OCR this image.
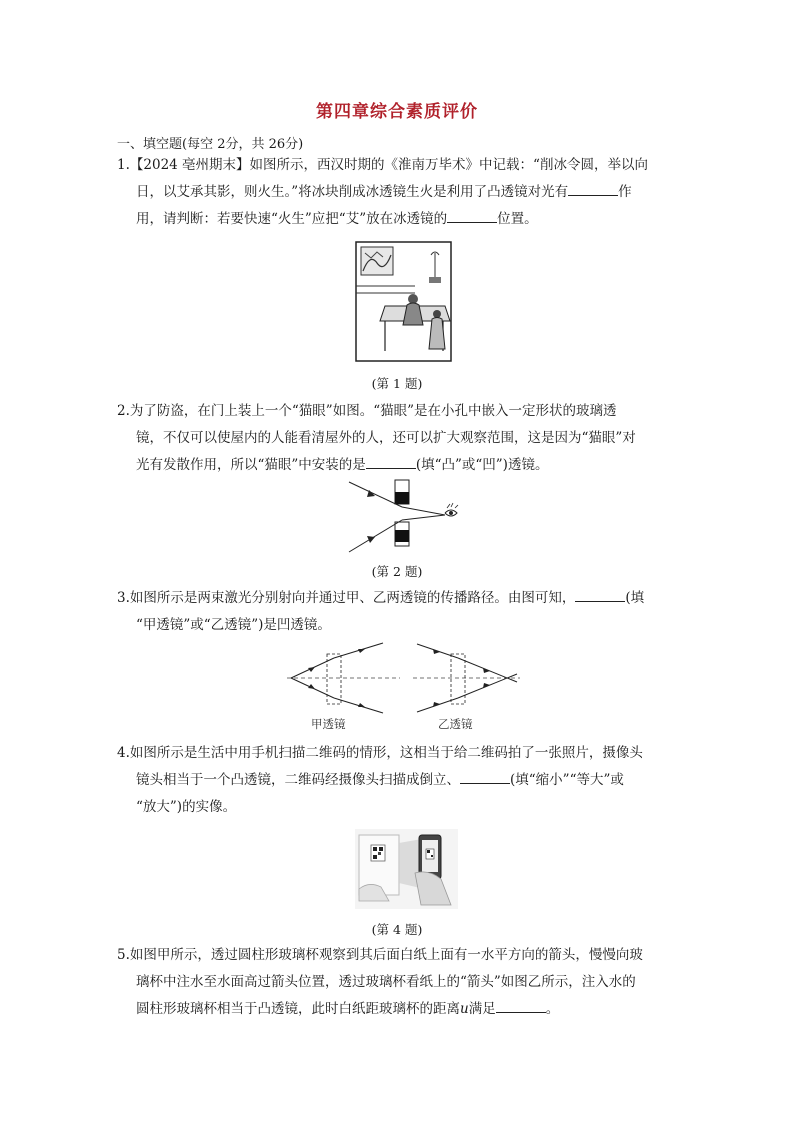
第四章综合素质评价
一、填空题(每空 2分，共 26分)
1.【2024 亳州期末】如图所示，西汉时期的《淮南万毕术》中记载：“削冰令圆，举以向
日，以艾承其影，则火生。”将冰块削成冰透镜生火是利用了凸透镜对光有	作
用，请判断：若要快速“火生”应把“艾”放在冰透镜的	位置。
(第 1 题)
2.为了防盗，在门上装上一个“猫眼”如图。“猫眼”是在小孔中嵌入一定形状的玻璃透
镜，不仅可以使屋内的人能看清屋外的人，还可以扩大观察范围，这是因为“猫眼”对
光有发散作用，所以“猫眼”中安装的是	(填“凸”或“凹”)透镜。
(第 2 题)
3.如图所示是两束激光分别射向并通过甲、乙两透镜的传播路径。由图可知，	(填
“甲透镜”或“乙透镜”)是凹透镜。
甲透镜	乙透镜
4.如图所示是生活中用手机扫描二维码的情形，这相当于给二维码拍了一张照片，摄像头
镜头相当于一个凸透镜，二维码经摄像头扫描成倒立、	(填“缩小”“等大”或
“放大”)的实像。
(第 4 题)
5.如图甲所示，透过圆柱形玻璃杯观察到其后面白纸上面有一水平方向的箭头，慢慢向玻
璃杯中注水至水面高过箭头位置，透过玻璃杯看纸上的“箭头”如图乙所示，注入水的
圆柱形玻璃杯相当于凸透镜，此时白纸距玻璃杯的距离u满足	。
